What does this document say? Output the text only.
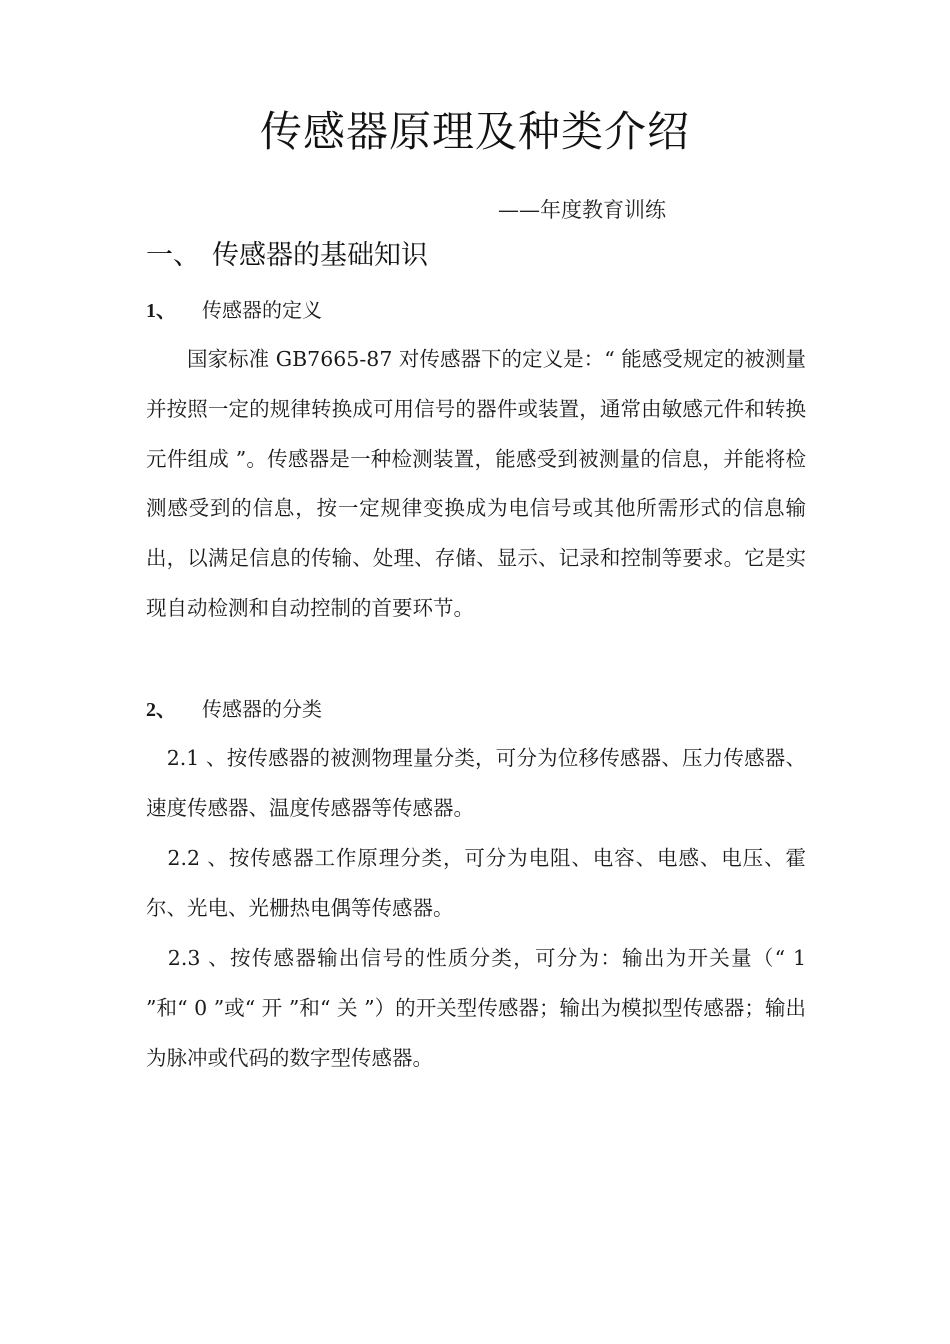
传感器原理及种类介绍
——年度教育训练
一、 传感器的基础知识
1、 传感器的定义
　　国家标准 GB7665-87 对传感器下的定义是：“ 能感受规定的被测量并按照一定的规律转换成可用信号的器件或装置，通常由敏感元件和转换元件组成 ”。传感器是一种检测装置，能感受到被测量的信息，并能将检测感受到的信息，按一定规律变换成为电信号或其他所需形式的信息输出，以满足信息的传输、处理、存储、显示、记录和控制等要求。它是实现自动检测和自动控制的首要环节。
2、 传感器的分类
　2.1 、按传感器的被测物理量分类，可分为位移传感器、压力传感器、速度传感器、温度传感器等传感器。
　2.2 、按传感器工作原理分类，可分为电阻、电容、电感、电压、霍尔、光电、光栅热电偶等传感器。
　2.3 、按传感器输出信号的性质分类，可分为：输出为开关量（“ 1 ”和“ 0 ”或“ 开 ”和“ 关 ”）的开关型传感器；输出为模拟型传感器；输出为脉冲或代码的数字型传感器。
